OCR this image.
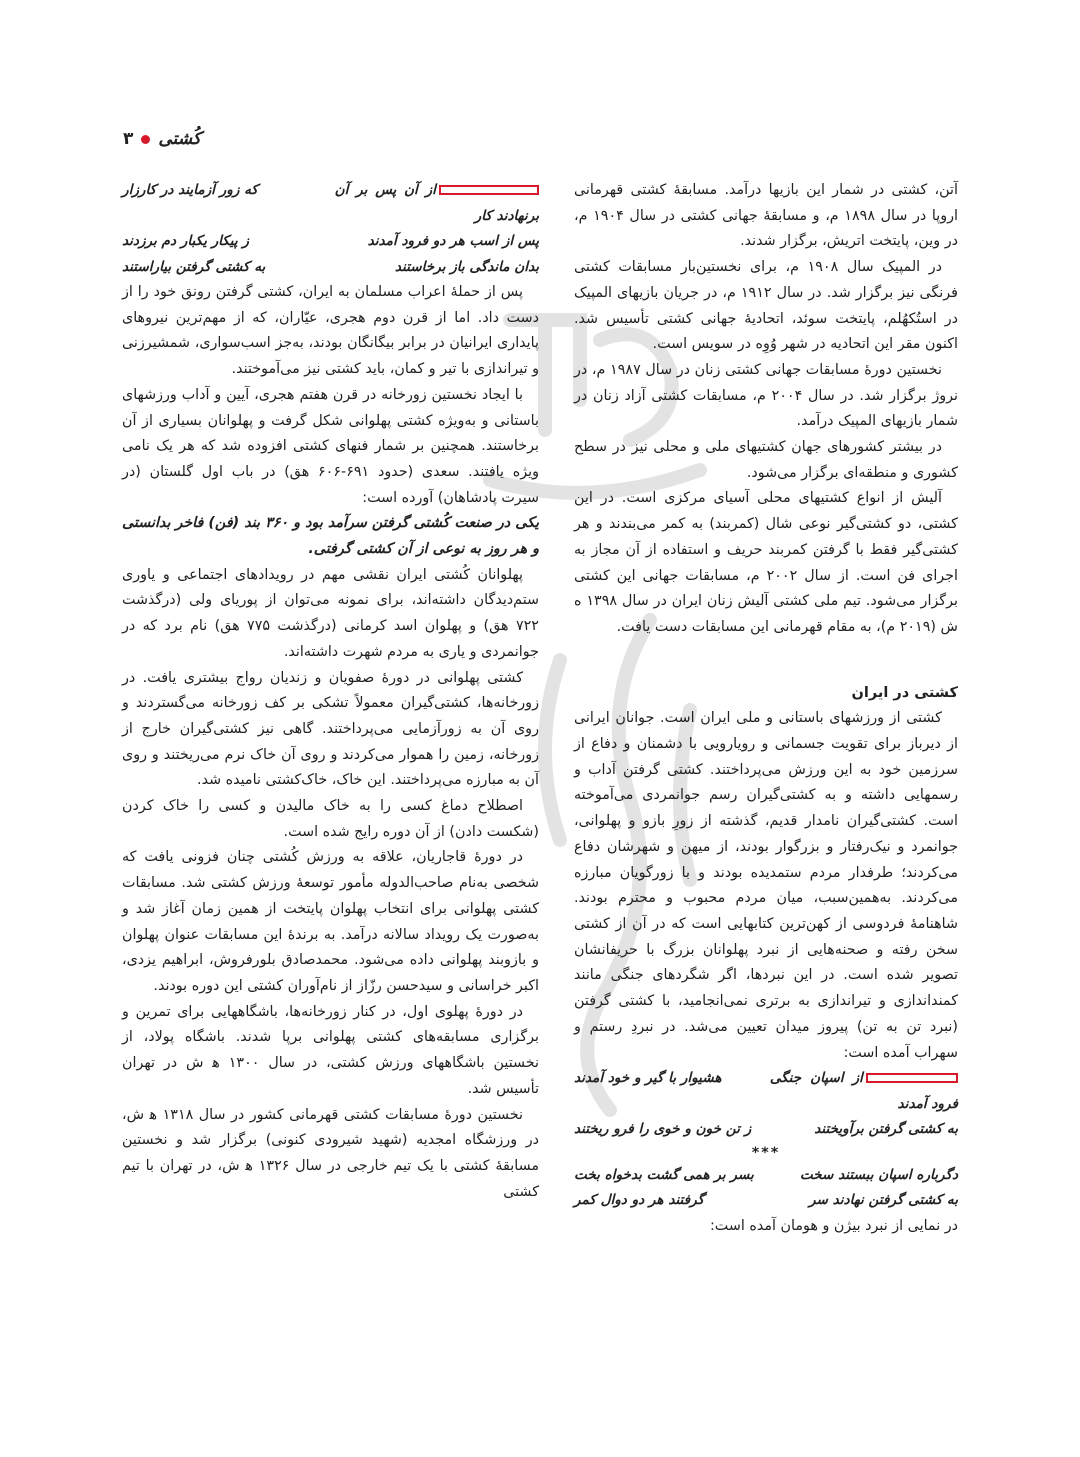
کُشتی
۳

آتن، کشتی در شمار این بازیها درآمد. مسابقهٔ کشتی قهرمانی اروپا در سال ۱۸۹۸ م، و مسابقهٔ جهانی کشتی در سال ۱۹۰۴ م، در وین، پایتخت اتریش، برگزار شدند.

در المپیک سال ۱۹۰۸ م، برای نخستین‌بار مسابقات کشتی فرنگی نیز برگزار شد. در سال ۱۹۱۲ م، در جریان بازیهای المپیک در استُکهُلم، پایتخت سوئد، اتحادیهٔ جهانی کشتی تأسیس شد. اکنون مقر این اتحادیه در شهر وُوِه در سویس است.

نخستین دورهٔ مسابقات جهانی کشتی زنان در سال ۱۹۸۷ م، در نروژ برگزار شد. در سال ۲۰۰۴ م، مسابقات کشتی آزاد زنان در شمار بازیهای المپیک درآمد.

در بیشتر کشورهای جهان کشتیهای ملی و محلی نیز در سطح کشوری و منطقه‌ای برگزار می‌شود.

آلیش از انواع کشتیهای محلی آسیای مرکزی است. در این کشتی، دو کشتی‌گیر نوعی شال (کمربند) به کمر می‌بندند و هر کشتی‌گیر فقط با گرفتن کمربند حریف و استفاده از آن مجاز به اجرای فن است. از سال ۲۰۰۲ م، مسابقات جهانی این کشتی برگزار می‌شود. تیم ملی کشتی آلیش زنان ایران در سال ۱۳۹۸ ه‌ ش (۲۰۱۹ م)، به مقام قهرمانی این مسابقات دست یافت.

کشتی در ایران

کشتی از ورزشهای باستانی و ملی ایران است. جوانان ایرانی از دیرباز برای تقویت جسمانی و رویارویی با دشمنان و دفاع از سرزمین خود به این ورزش می‌پرداختند. کشتی گرفتن آداب و رسمهایی داشته و به کشتی‌گیران رسم جوانمردی می‌آموخته است. کشتی‌گیران نامدار قدیم، گذشته از زورِ بازو و پهلوانی، جوانمرد و نیک‌رفتار و بزرگوار بودند، از میهن و شهرشان دفاع می‌کردند؛ طرفدار مردم ستمدیده بودند و با زورگویان مبارزه می‌کردند. به‌همین‌سبب، میان مردم محبوب و محترم بودند. شاهنامهٔ فردوسی از کهن‌ترین کتابهایی است که در آن از کشتی سخن رفته و صحنه‌هایی از نبرد پهلوانان بزرگ با حریفانشان تصویر شده است. در این نبردها، اگر شگردهای جنگی مانند کمنداندازی و تیراندازی به برتری نمی‌انجامید، با کشتی گرفتن (نبرد تن به تن) پیروز میدان تعیین می‌شد. در نبردِ رستم و سهراب آمده است:

از اسپان جنگی فرود آمدند
هشیوار با گیر و خود آمدند
به کشتی گرفتن برآویختند
ز تن خون و خوی را فرو ریختند
***
دگرباره اسپان ببستند سخت
بسر بر همی گشت بدخواه بخت
به کشتی گرفتن نهادند سر
گرفتند هر دو دوال کمر

در نمایی از نبرد بیژن و هومان آمده است:

از آن پس بر آن برنهادند کار
که زور آزمایند در کارزار
پس از اسب هر دو فرود آمدند
ز پیکار یکبار دم برزدند
بدان ماندگی باز برخاستند
به کشتی گرفتن بیاراستند

پس از حملهٔ اعراب مسلمان به ایران، کشتی گرفتن رونق خود را از دست داد. اما از قرن دوم هجری، عیّاران، که از مهم‌ترین نیروهای پایداری ایرانیان در برابر بیگانگان بودند، به‌جز اسب‌سواری، شمشیرزنی و تیراندازی با تیر و کمان، باید کشتی نیز می‌آموختند.

با ایجاد نخستین زورخانه در قرن هفتم هجری، آیین و آداب ورزشهای باستانی و به‌ویژه کشتی پهلوانی شکل گرفت و پهلوانان بسیاری از آن برخاستند. همچنین بر شمار فنهای کشتی افزوده شد که هر یک نامی ویژه یافتند. سعدی (حدود ۶۹۱-۶۰۶ ه‍ق) در باب اول گلستان (در سیرت پادشاهان) آورده است:

یکی در صنعت کُشتی گرفتن سرآمد بود و ۳۶۰ بند (فن) فاخر بدانستی و هر روز به نوعی از آن کشتی گرفتی.

پهلوانان کُشتی ایران نقشی مهم در رویدادهای اجتماعی و یاوری ستم‌دیدگان داشته‌اند، برای نمونه می‌توان از پوریای ولی (درگذشت ۷۲۲ ه‍ق) و پهلوان اسد کرمانی (درگذشت ۷۷۵ ه‍ق) نام برد که در جوانمردی و یاری به مردم شهرت داشته‌اند.

کشتی پهلوانی در دورهٔ صفویان و زندیان رواج بیشتری یافت. در زورخانه‌ها، کشتی‌گیران معمولاً تشکی بر کف زورخانه می‌گستردند و روی آن به زورآزمایی می‌پرداختند. گاهی نیز کشتی‌گیران خارج از زورخانه، زمین را هموار می‌کردند و روی آن خاک نرم می‌ریختند و روی آن به مبارزه می‌پرداختند. این خاک، خاک‌کشتی نامیده شد.

اصطلاح دماغ کسی را به خاک مالیدن و کسی را خاک کردن (شکست دادن) از آن دوره رایج شده است.

در دورهٔ قاجاریان، علاقه به ورزش کُشتی چنان فزونی یافت که شخصی به‌نام صاحب‌الدوله مأمور توسعهٔ ورزش کشتی شد. مسابقات کشتی پهلوانی برای انتخاب پهلوان پایتخت از همین زمان آغاز شد و به‌صورت یک رویداد سالانه درآمد. به برندهٔ این مسابقات عنوان پهلوان و بازوبند پهلوانی داده می‌شود. محمدصادق بلورفروش، ابراهیم یزدی، اکبر خراسانی و سیدحسن رزّاز از نام‌آوران کشتی این دوره بودند.

در دورهٔ پهلوی اول، در کنار زورخانه‌ها، باشگاههایی برای تمرین و برگزاری مسابقه‌های کشتی پهلوانی برپا شدند. باشگاه پولاد، از نخستین باشگاههای ورزش کشتی، در سال ۱۳۰۰ ه‍ ش در تهران تأسیس شد.

نخستین دورهٔ مسابقات کشتی قهرمانی کشور در سال ۱۳۱۸ ه‍ ش، در ورزشگاه امجدیه (شهید شیرودی کنونی) برگزار شد و نخستین مسابقهٔ کشتی با یک تیم خارجی در سال ۱۳۲۶ ه‍ ش، در تهران با تیم کشتی
